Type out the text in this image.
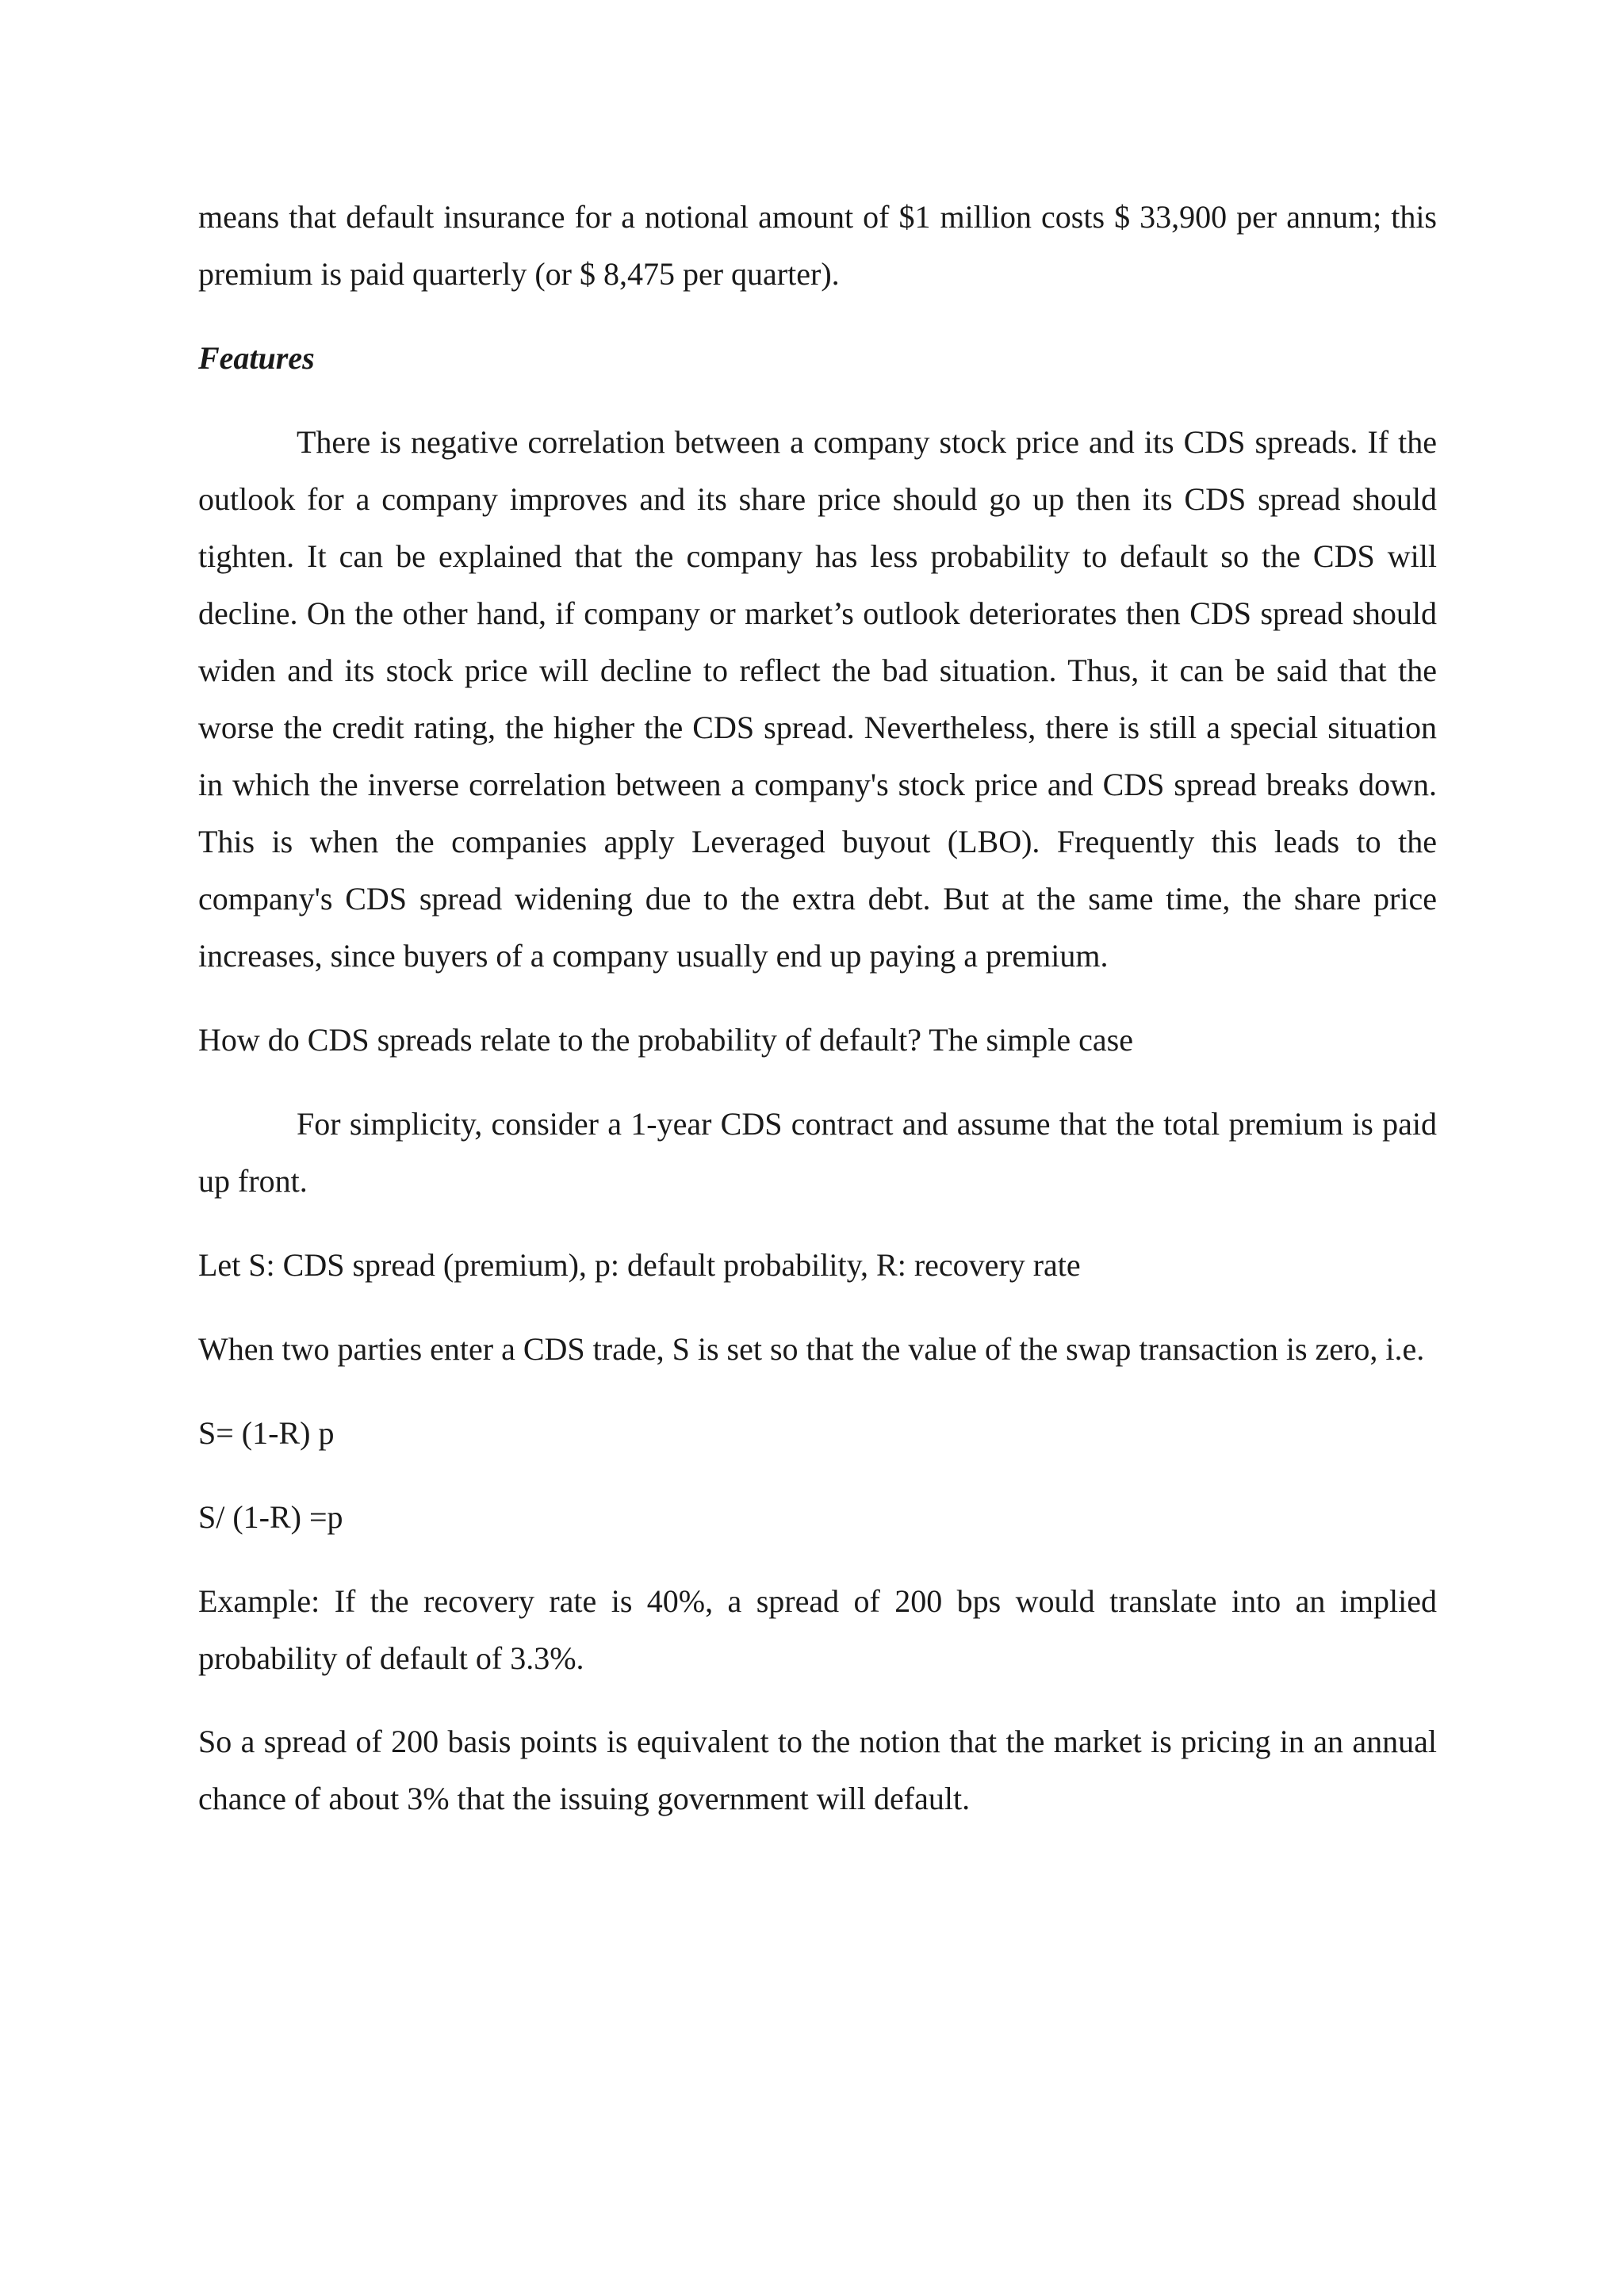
means that default insurance for a notional amount of $1 million costs $ 33,900 per annum; this premium is paid quarterly (or $ 8,475 per quarter).

Features

There is negative correlation between a company stock price and its CDS spreads. If the outlook for a company improves and its share price should go up then its CDS spread should tighten. It can be explained that the company has less probability to default so the CDS will decline. On the other hand, if company or market’s outlook deteriorates then CDS spread should widen and its stock price will decline to reflect the bad situation. Thus, it can be said that the worse the credit rating, the higher the CDS spread. Nevertheless, there is still a special situation in which the inverse correlation between a company's stock price and CDS spread breaks down. This is when the companies apply Leveraged buyout (LBO). Frequently this leads to the company's CDS spread widening due to the extra debt. But at the same time, the share price increases, since buyers of a company usually end up paying a premium.

How do CDS spreads relate to the probability of default? The simple case

For simplicity, consider a 1-year CDS contract and assume that the total premium is paid up front.

Let S: CDS spread (premium), p: default probability, R: recovery rate

When two parties enter a CDS trade, S is set so that the value of the swap transaction is zero, i.e.

S= (1-R) p

S/ (1-R) =p

Example: If the recovery rate is 40%, a spread of 200 bps would translate into an implied probability of default of 3.3%.

So a spread of 200 basis points is equivalent to the notion that the market is pricing in an annual chance of about 3% that the issuing government will default.
